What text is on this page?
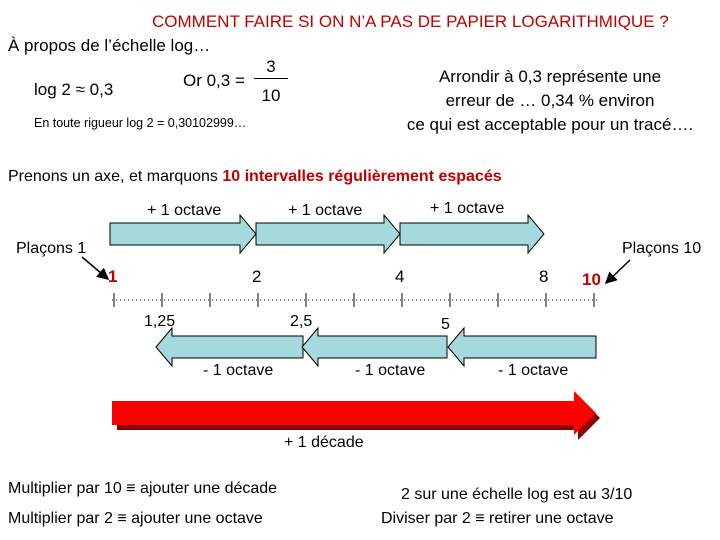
COMMENT FAIRE SI ON N’A PAS DE PAPIER LOGARITHMIQUE ?
À propos de l’échelle log…
log 2 ≈ 0,3	Or 0,3 =
3
10
En toute rigueur log 2 = 0,30102999…
Arrondir à 0,3 représente une
erreur de … 0,34 % environ
ce qui est acceptable pour un tracé….
Prenons un axe, et marquons 10 intervalles régulièrement espacés
+ 1 octave	+ 1 octave	+ 1 octave
Plaçons 1	Plaçons 10
1	2	4	8 10
1,25	2,5	5
- 1 octave	- 1 octave	- 1 octave
+ 1 décade
Multiplier par 10 ≡ ajouter une décade
Multiplier par 2 ≡ ajouter une octave
2 sur une échelle log est au 3/10
Diviser par 2 ≡ retirer une octave
